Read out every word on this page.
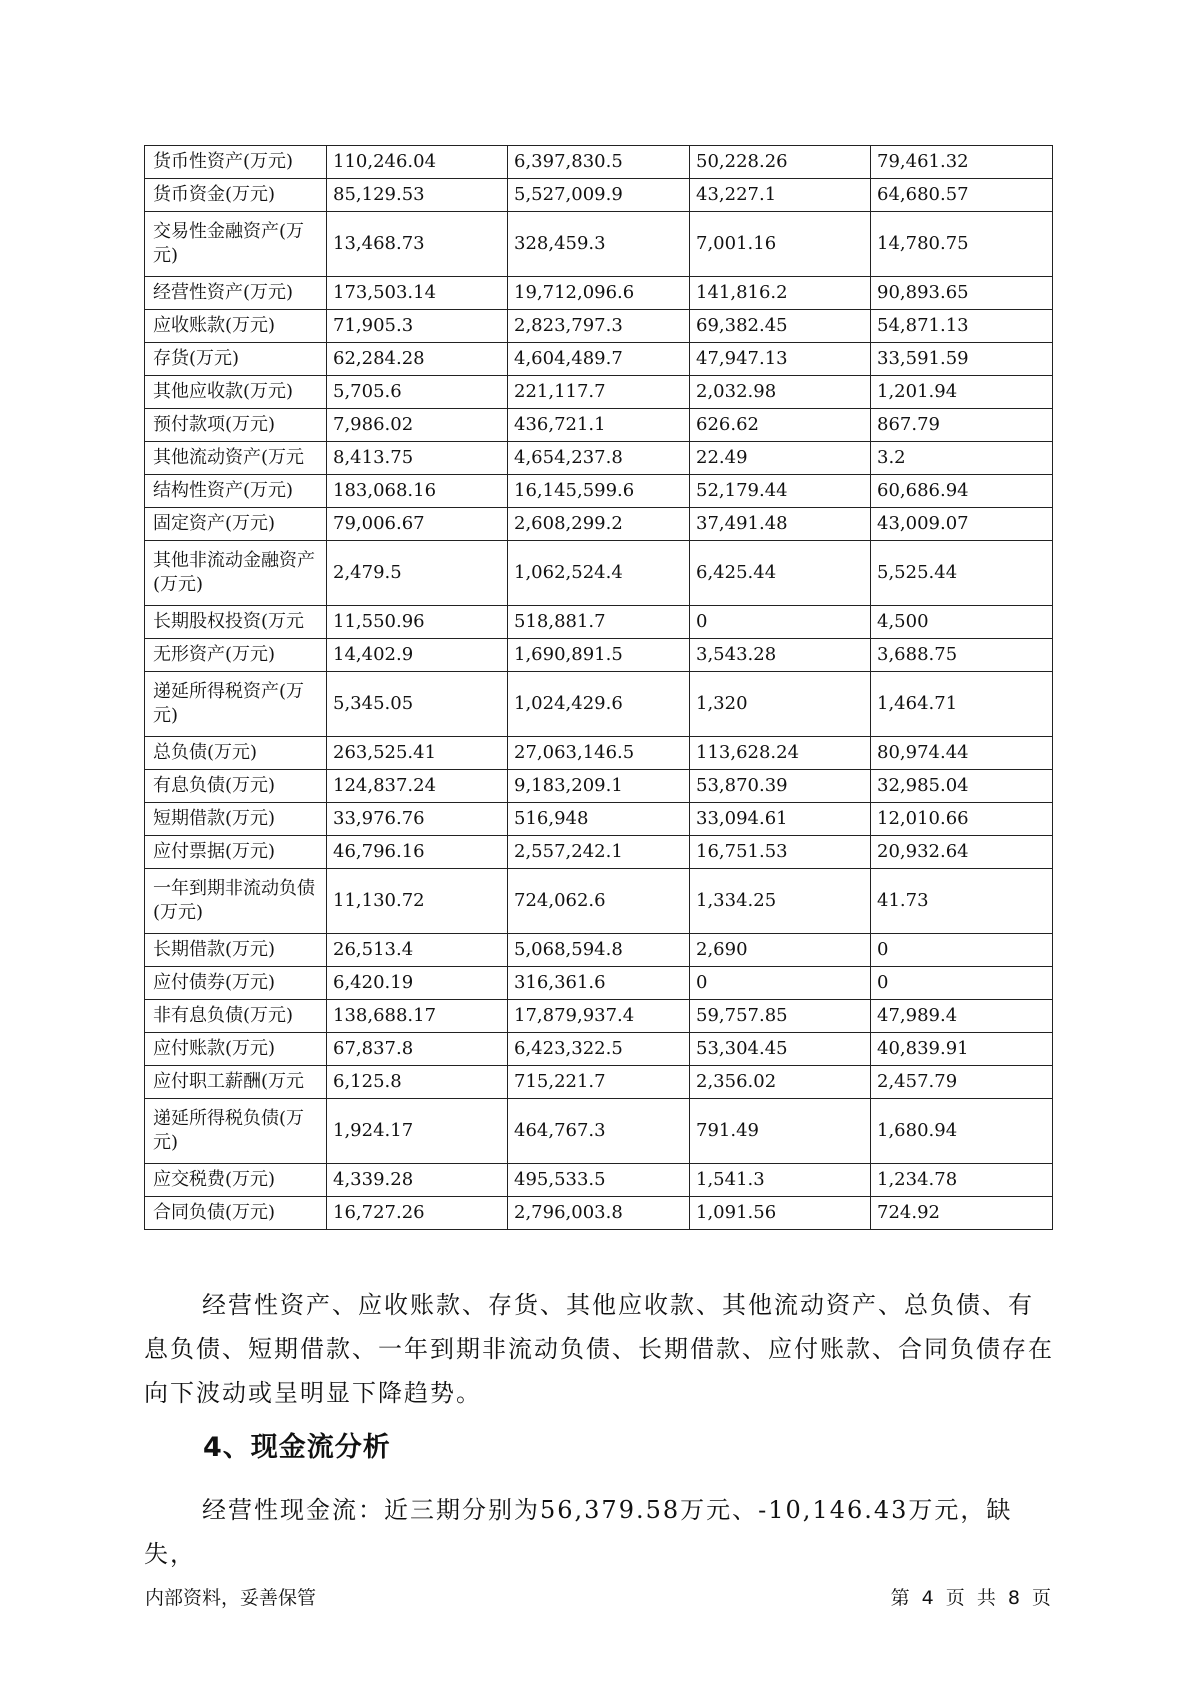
货币性资产(万元)	110,246.04	6,397,830.5	50,228.26	79,461.32
货币资金(万元)	85,129.53	5,527,009.9	43,227.1	64,680.57
交易性金融资产(万元)	13,468.73	328,459.3	7,001.16	14,780.75
经营性资产(万元)	173,503.14	19,712,096.6	141,816.2	90,893.65
应收账款(万元)	71,905.3	2,823,797.3	69,382.45	54,871.13
存货(万元)	62,284.28	4,604,489.7	47,947.13	33,591.59
其他应收款(万元)	5,705.6	221,117.7	2,032.98	1,201.94
预付款项(万元)	7,986.02	436,721.1	626.62	867.79
其他流动资产(万元	8,413.75	4,654,237.8	22.49	3.2
结构性资产(万元)	183,068.16	16,145,599.6	52,179.44	60,686.94
固定资产(万元)	79,006.67	2,608,299.2	37,491.48	43,009.07
其他非流动金融资产(万元)	2,479.5	1,062,524.4	6,425.44	5,525.44
长期股权投资(万元	11,550.96	518,881.7	0	4,500
无形资产(万元)	14,402.9	1,690,891.5	3,543.28	3,688.75
递延所得税资产(万元)	5,345.05	1,024,429.6	1,320	1,464.71
总负债(万元)	263,525.41	27,063,146.5	113,628.24	80,974.44
有息负债(万元)	124,837.24	9,183,209.1	53,870.39	32,985.04
短期借款(万元)	33,976.76	516,948	33,094.61	12,010.66
应付票据(万元)	46,796.16	2,557,242.1	16,751.53	20,932.64
一年到期非流动负债(万元)	11,130.72	724,062.6	1,334.25	41.73
长期借款(万元)	26,513.4	5,068,594.8	2,690	0
应付债券(万元)	6,420.19	316,361.6	0	0
非有息负债(万元)	138,688.17	17,879,937.4	59,757.85	47,989.4
应付账款(万元)	67,837.8	6,423,322.5	53,304.45	40,839.91
应付职工薪酬(万元	6,125.8	715,221.7	2,356.02	2,457.79
递延所得税负债(万元)	1,924.17	464,767.3	791.49	1,680.94
应交税费(万元)	4,339.28	495,533.5	1,541.3	1,234.78
合同负债(万元)	16,727.26	2,796,003.8	1,091.56	724.92

经营性资产、应收账款、存货、其他应收款、其他流动资产、总负债、有息负债、短期借款、一年到期非流动负债、长期借款、应付账款、合同负债存在向下波动或呈明显下降趋势。

4、现金流分析

经营性现金流：近三期分别为56,379.58万元、-10,146.43万元，缺失，

内部资料，妥善保管	第 4 页 共 8 页
